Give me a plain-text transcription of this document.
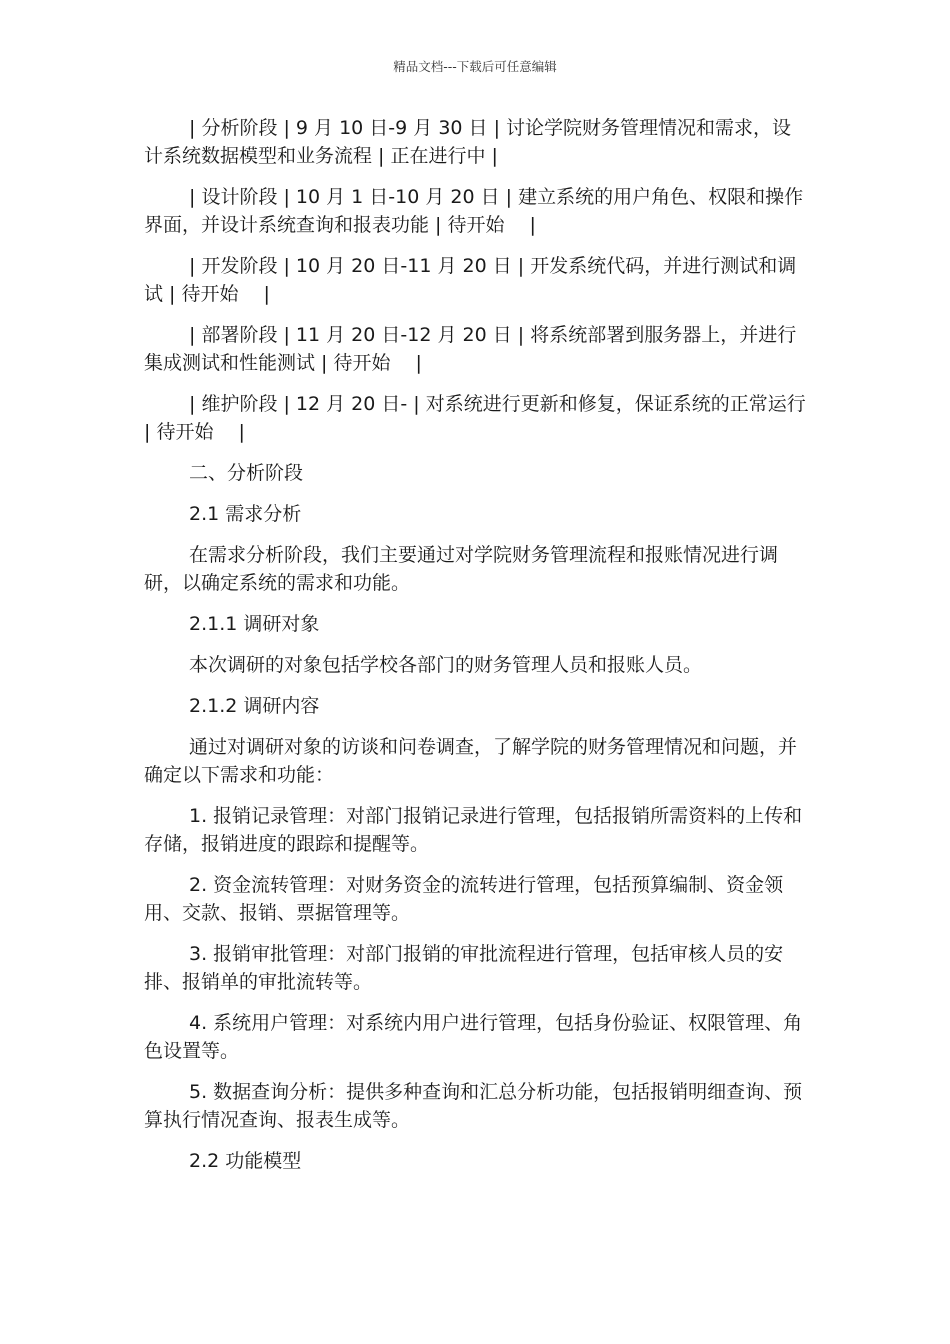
精品文档---下载后可任意编辑

| 分析阶段 | 9 月 10 日-9 月 30 日 | 讨论学院财务管理情况和需求，设计系统数据模型和业务流程 | 正在进行中 |

| 设计阶段 | 10 月 1 日-10 月 20 日 | 建立系统的用户角色、权限和操作界面，并设计系统查询和报表功能 | 待开始　 |

| 开发阶段 | 10 月 20 日-11 月 20 日 | 开发系统代码，并进行测试和调试 | 待开始　 |

| 部署阶段 | 11 月 20 日-12 月 20 日 | 将系统部署到服务器上，并进行集成测试和性能测试 | 待开始　 |

| 维护阶段 | 12 月 20 日- | 对系统进行更新和修复，保证系统的正常运行 | 待开始　 |

二、分析阶段

2.1 需求分析

在需求分析阶段，我们主要通过对学院财务管理流程和报账情况进行调研，以确定系统的需求和功能。

2.1.1 调研对象

本次调研的对象包括学校各部门的财务管理人员和报账人员。

2.1.2 调研内容

通过对调研对象的访谈和问卷调查，了解学院的财务管理情况和问题，并确定以下需求和功能：

1. 报销记录管理：对部门报销记录进行管理，包括报销所需资料的上传和存储，报销进度的跟踪和提醒等。

2. 资金流转管理：对财务资金的流转进行管理，包括预算编制、资金领用、交款、报销、票据管理等。

3. 报销审批管理：对部门报销的审批流程进行管理，包括审核人员的安排、报销单的审批流转等。

4. 系统用户管理：对系统内用户进行管理，包括身份验证、权限管理、角色设置等。

5. 数据查询分析：提供多种查询和汇总分析功能，包括报销明细查询、预算执行情况查询、报表生成等。

2.2 功能模型
